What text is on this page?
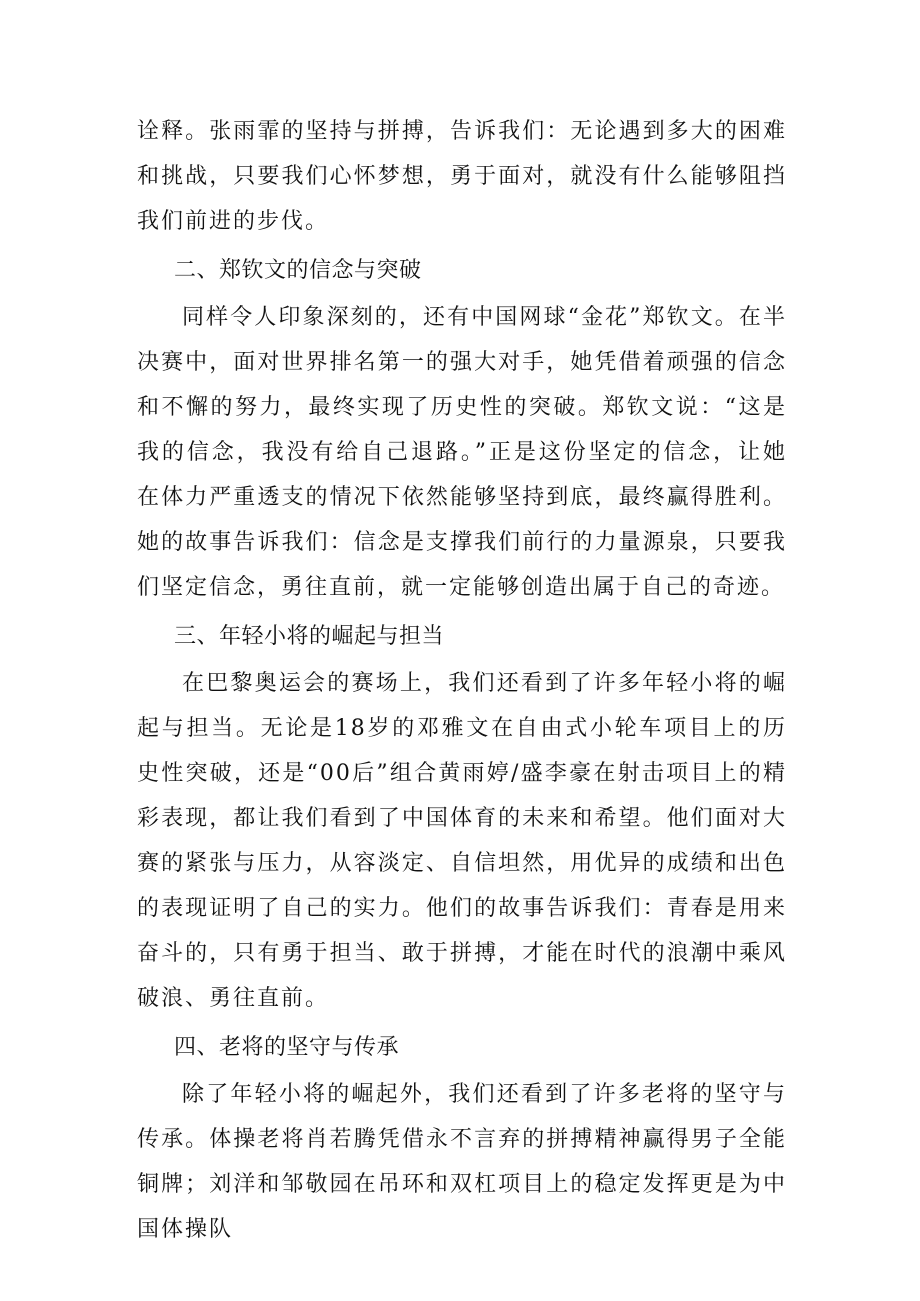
诠释。张雨霏的坚持与拼搏，告诉我们：无论遇到多大的困难和挑战，只要我们心怀梦想，勇于面对，就没有什么能够阻挡我们前进的步伐。

二、郑钦文的信念与突破

同样令人印象深刻的，还有中国网球“金花”郑钦文。在半决赛中，面对世界排名第一的强大对手，她凭借着顽强的信念和不懈的努力，最终实现了历史性的突破。郑钦文说：“这是我的信念，我没有给自己退路。”正是这份坚定的信念，让她在体力严重透支的情况下依然能够坚持到底，最终赢得胜利。她的故事告诉我们：信念是支撑我们前行的力量源泉，只要我们坚定信念，勇往直前，就一定能够创造出属于自己的奇迹。

三、年轻小将的崛起与担当

在巴黎奥运会的赛场上，我们还看到了许多年轻小将的崛起与担当。无论是18岁的邓雅文在自由式小轮车项目上的历史性突破，还是“00后”组合黄雨婷/盛李豪在射击项目上的精彩表现，都让我们看到了中国体育的未来和希望。他们面对大赛的紧张与压力，从容淡定、自信坦然，用优异的成绩和出色的表现证明了自己的实力。他们的故事告诉我们：青春是用来奋斗的，只有勇于担当、敢于拼搏，才能在时代的浪潮中乘风破浪、勇往直前。

四、老将的坚守与传承

除了年轻小将的崛起外，我们还看到了许多老将的坚守与传承。体操老将肖若腾凭借永不言弃的拼搏精神赢得男子全能铜牌；刘洋和邹敬园在吊环和双杠项目上的稳定发挥更是为中国体操队
